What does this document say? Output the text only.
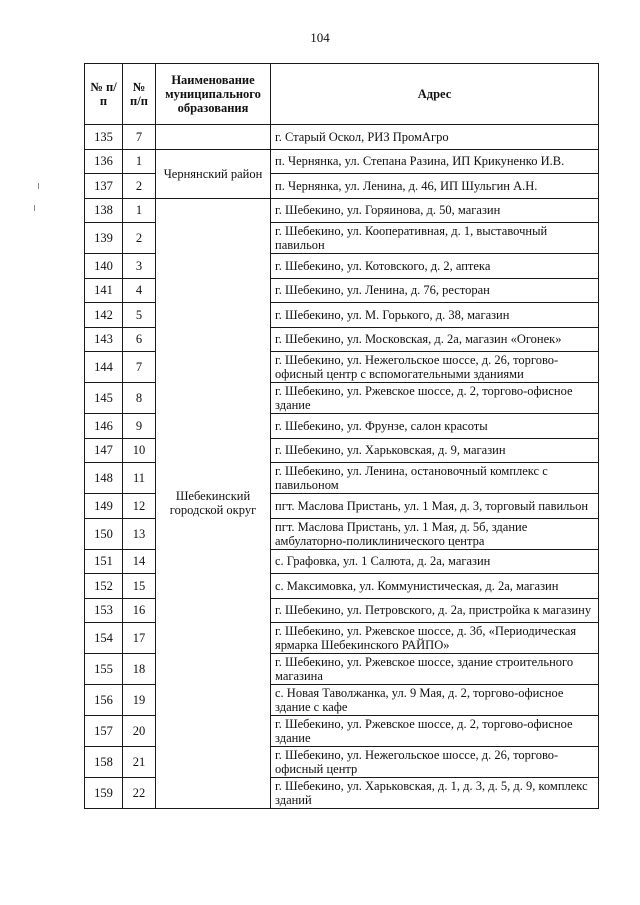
104
№ п/п	№ п/п	Наименование муниципального образования	Адрес
135	7		г. Старый Оскол, РИЗ ПромАгро
136	1	Чернянский район	п. Чернянка, ул. Степана Разина, ИП Крикуненко И.В.
137	2		п. Чернянка, ул. Ленина, д. 46, ИП Шульгин А.Н.
138	1	Шебекинский городской округ	г. Шебекино, ул. Горяинова, д. 50, магазин
139	2		г. Шебекино, ул. Кооперативная, д. 1, выставочный павильон
140	3		г. Шебекино, ул. Котовского, д. 2, аптека
141	4		г. Шебекино, ул. Ленина, д. 76, ресторан
142	5		г. Шебекино, ул. М. Горького, д. 38, магазин
143	6		г. Шебекино, ул. Московская, д. 2а, магазин «Огонек»
144	7		г. Шебекино, ул. Нежегольское шоссе, д. 26, торгово-офисный центр с вспомогательными зданиями
145	8		г. Шебекино, ул. Ржевское шоссе, д. 2, торгово-офисное здание
146	9		г. Шебекино, ул. Фрунзе, салон красоты
147	10		г. Шебекино, ул. Харьковская, д. 9, магазин
148	11		г. Шебекино, ул. Ленина, остановочный комплекс с павильоном
149	12		пгт. Маслова Пристань, ул. 1 Мая, д. 3, торговый павильон
150	13		пгт. Маслова Пристань, ул. 1 Мая, д. 5б, здание амбулаторно-поликлинического центра
151	14		с. Графовка, ул. 1 Салюта, д. 2а, магазин
152	15		с. Максимовка, ул. Коммунистическая, д. 2а, магазин
153	16		г. Шебекино, ул. Петровского, д. 2а, пристройка к магазину
154	17		г. Шебекино, ул. Ржевское шоссе, д. 3б, «Периодическая ярмарка Шебекинского РАЙПО»
155	18		г. Шебекино, ул. Ржевское шоссе, здание строительного магазина
156	19		с. Новая Таволжанка, ул. 9 Мая, д. 2, торгово-офисное здание с кафе
157	20		г. Шебекино, ул. Ржевское шоссе, д. 2, торгово-офисное здание
158	21		г. Шебекино, ул. Нежегольское шоссе, д. 26, торгово-офисный центр
159	22		г. Шебекино, ул. Харьковская, д. 1, д. 3, д. 5, д. 9, комплекс зданий
